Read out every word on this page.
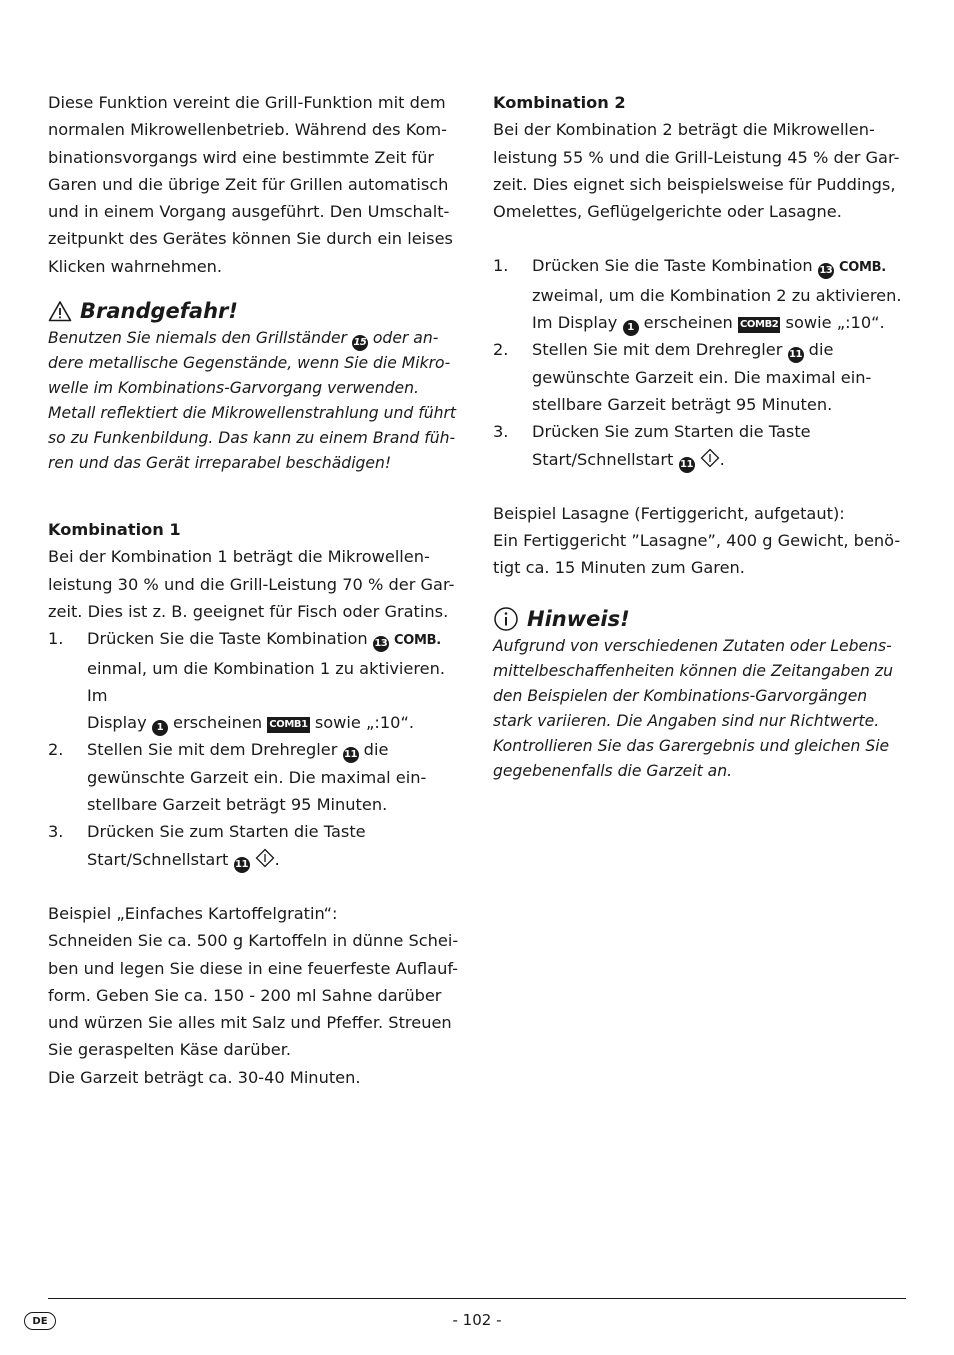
Diese Funktion vereint die Grill-Funktion mit dem

normalen Mikrowellenbetrieb. Während des Kom-

binationsvorgangs wird eine bestimmte Zeit für

Garen und die übrige Zeit für Grillen automatisch

und in einem Vorgang ausgeführt. Den Umschalt-

zeitpunkt des Gerätes können Sie durch ein leises

Klicken wahrnehmen.

Brandgefahr!

Benutzen Sie niemals den Grillständer 15 oder an-

dere metallische Gegenstände, wenn Sie die Mikro-

welle im Kombinations-Garvorgang verwenden.

Metall reflektiert die Mikrowellenstrahlung und führt

so zu Funkenbildung. Das kann zu einem Brand füh-

ren und das Gerät irreparabel beschädigen!

Kombination 1

Bei der Kombination 1 beträgt die Mikrowellen-

leistung 30 % und die Grill-Leistung 70 % der Gar-

zeit. Dies ist z. B. geeignet für Fisch oder Gratins.

1.	Drücken Sie die Taste Kombination 13 COMB.
einmal, um die Kombination 1 zu aktivieren. Im
Display 1 erscheinen COMB1 sowie „:10“.
2.	Stellen Sie mit dem Drehregler 11 die
gewünschte Garzeit ein. Die maximal ein-
stellbare Garzeit beträgt 95 Minuten.
3.	Drücken Sie zum Starten die Taste
Start/Schnellstart 11 .

Beispiel „Einfaches Kartoffelgratin“:

Schneiden Sie ca. 500 g Kartoffeln in dünne Schei-

ben und legen Sie diese in eine feuerfeste Auflauf-

form. Geben Sie ca. 150 - 200 ml Sahne darüber

und würzen Sie alles mit Salz und Pfeffer. Streuen

Sie geraspelten Käse darüber.

Die Garzeit beträgt ca. 30-40 Minuten.

Kombination 2

Bei der Kombination 2 beträgt die Mikrowellen-

leistung 55 % und die Grill-Leistung 45 % der Gar-

zeit. Dies eignet sich beispielsweise für Puddings,

Omelettes, Geflügelgerichte oder Lasagne.

1.	Drücken Sie die Taste Kombination 13 COMB.
zweimal, um die Kombination 2 zu aktivieren.
Im Display 1 erscheinen COMB2 sowie „:10“.
2.	Stellen Sie mit dem Drehregler 11 die
gewünschte Garzeit ein. Die maximal ein-
stellbare Garzeit beträgt 95 Minuten.
3.	Drücken Sie zum Starten die Taste
Start/Schnellstart 11 .

Beispiel Lasagne (Fertiggericht, aufgetaut):

Ein Fertiggericht ”Lasagne”, 400 g Gewicht, benö-

tigt ca. 15 Minuten zum Garen.

Hinweis!

Aufgrund von verschiedenen Zutaten oder Lebens-

mittelbeschaffenheiten können die Zeitangaben zu

den Beispielen der Kombinations-Garvorgängen

stark variieren. Die Angaben sind nur Richtwerte.

Kontrollieren Sie das Garergebnis und gleichen Sie

gegebenenfalls die Garzeit an.

DE	- 102 -
